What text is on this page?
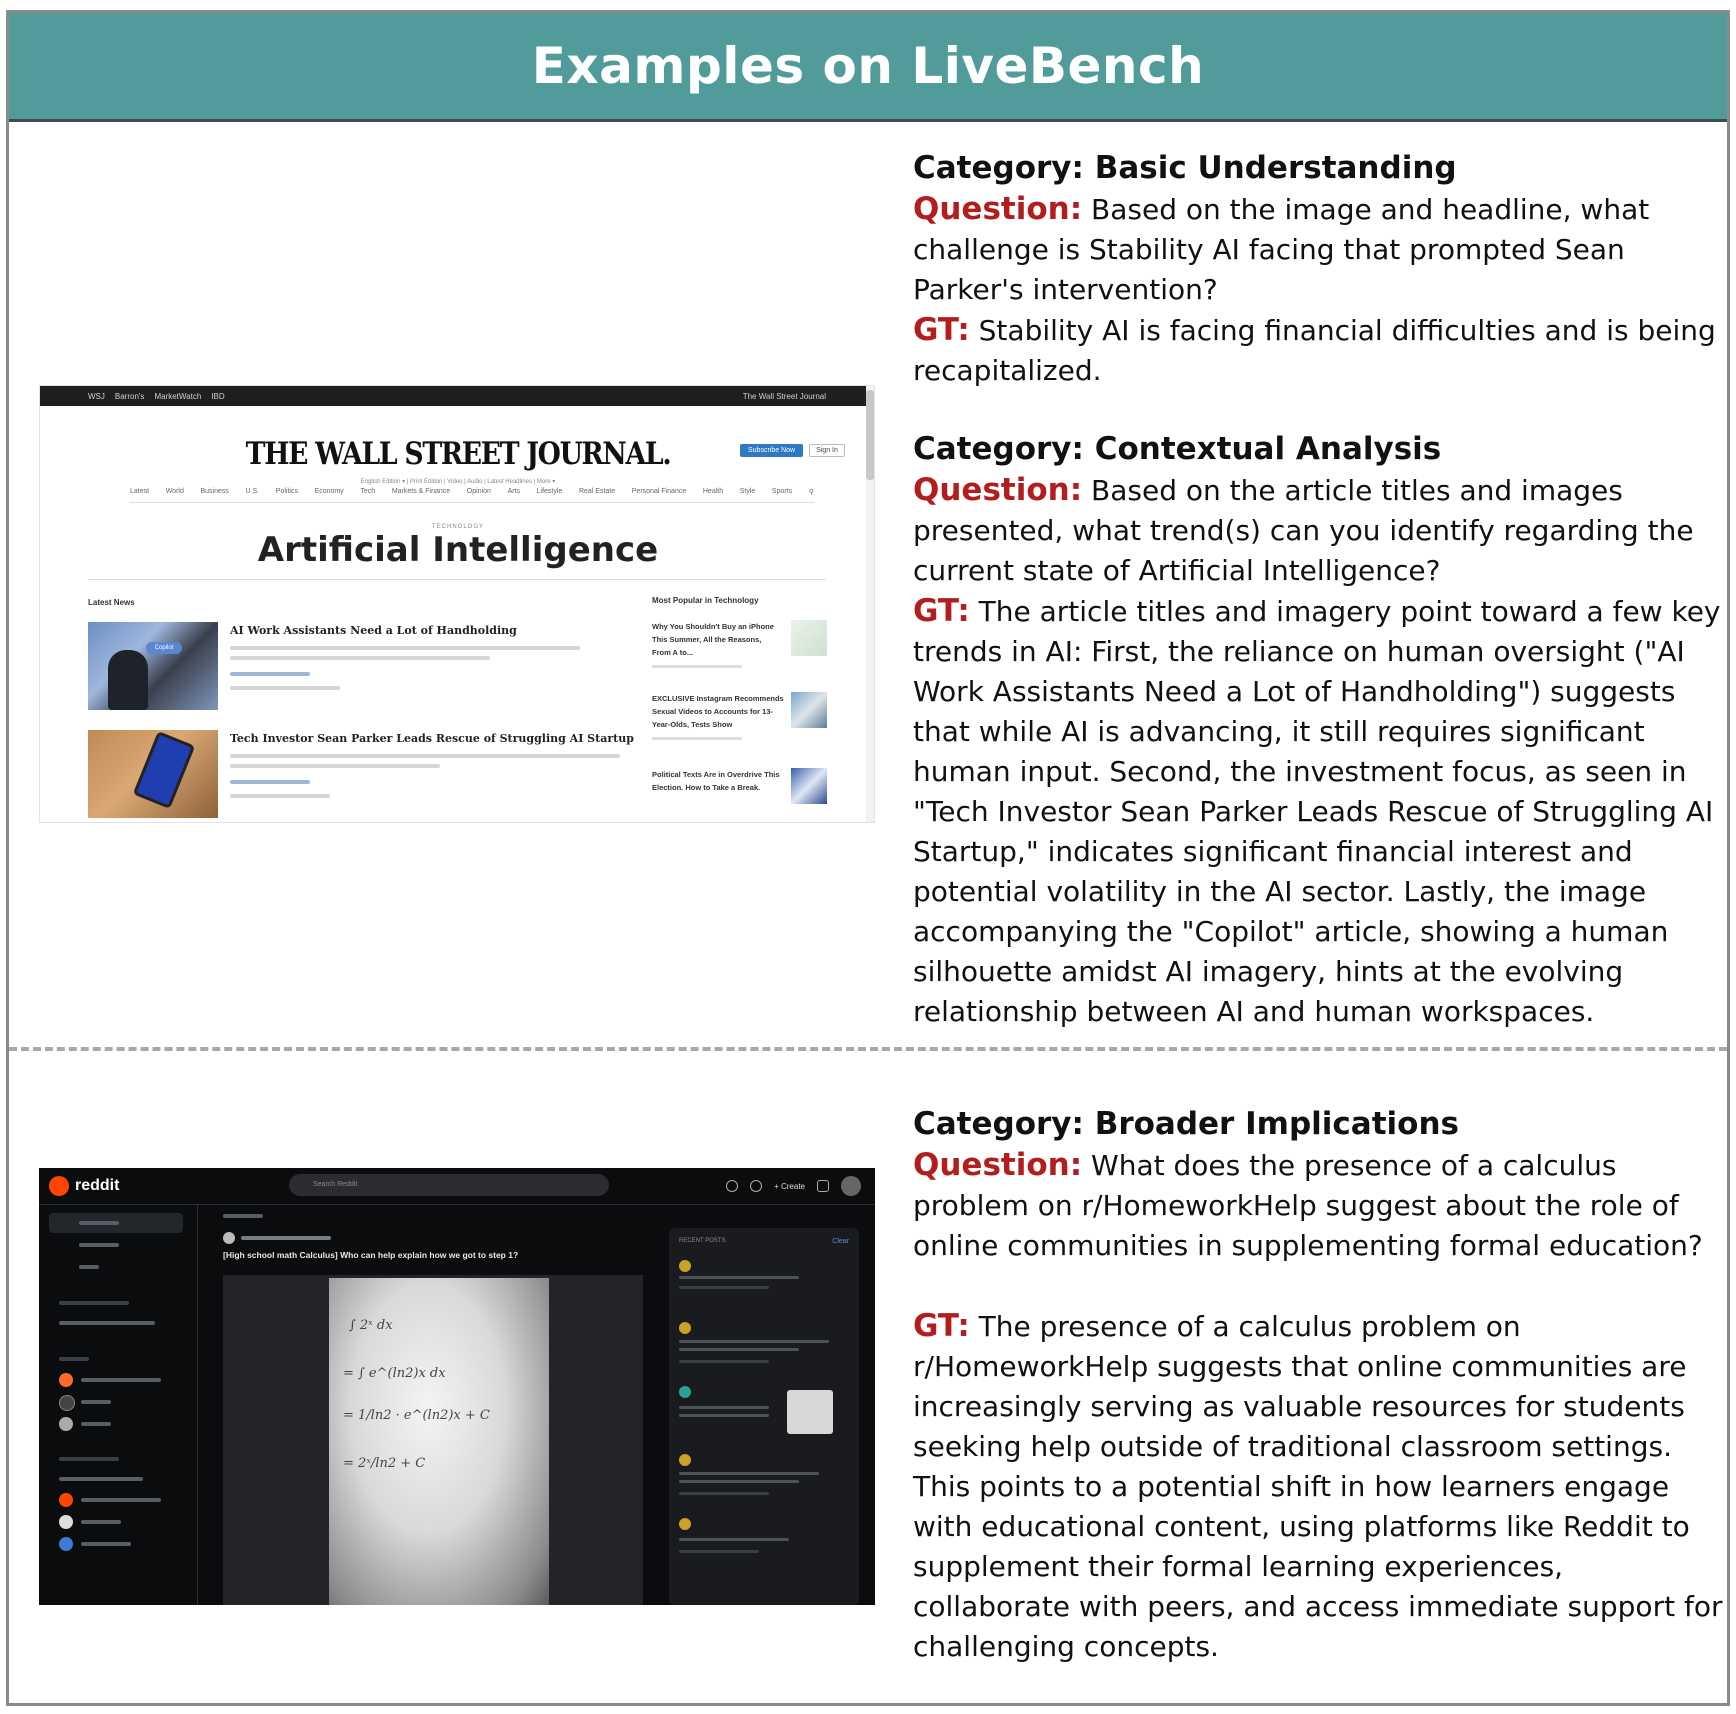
Examples on LiveBench
WSJ Barron's MarketWatch IBD	The Wall Street Journal
THE WALL STREET JOURNAL.	Subscribe Now	Sign In
English Edition ▾ | Print Edition | Video | Audio | Latest Headlines | More ▾
Latest World Business U.S. Politics Economy Tech Markets & Finance Opinion Arts Lifestyle Real Estate Personal Finance Health Style Sports ⚲
TECHNOLOGY
Artificial Intelligence
Latest News	Most Popular in Technology
Copilot
AI Work Assistants Need a Lot of Handholding
Tech Investor Sean Parker Leads Rescue of Struggling AI Startup
Why You Shouldn't Buy an iPhone This Summer, All the Reasons, From A to...
EXCLUSIVE Instagram Recommends Sexual Videos to Accounts for 13-Year-Olds, Tests Show
Political Texts Are in Overdrive This Election. How to Take a Break.

Category: Basic Understanding

Question: Based on the image and headline, what challenge is Stability AI facing that prompted Sean Parker's intervention?

GT: Stability AI is facing financial difficulties and is being recapitalized.

Category: Contextual Analysis

Question: Based on the article titles and images presented, what trend(s) can you identify regarding the current state of Artificial Intelligence?

GT: The article titles and imagery point toward a few key trends in AI: First, the reliance on human oversight ("AI Work Assistants Need a Lot of Handholding") suggests that while AI is advancing, it still requires significant human input. Second, the investment focus, as seen in "Tech Investor Sean Parker Leads Rescue of Struggling AI Startup," indicates significant financial interest and potential volatility in the AI sector. Lastly, the image accompanying the "Copilot" article, showing a human silhouette amidst AI imagery, hints at the evolving relationship between AI and human workspaces.

reddit	Search Reddit	+ Create
[High school math Calculus] Who can help explain how we got to step 1?
∫ 2ˣ dx
= ∫ e^(ln2)x dx
= 1/ln2 · e^(ln2)x + C
= 2ˣ/ln2 + C
RECENT POSTS	Clear

Category: Broader Implications

Question: What does the presence of a calculus problem on r/HomeworkHelp suggest about the role of online communities in supplementing formal education?

GT: The presence of a calculus problem on r/HomeworkHelp suggests that online communities are increasingly serving as valuable resources for students seeking help outside of traditional classroom settings. This points to a potential shift in how learners engage with educational content, using platforms like Reddit to supplement their formal learning experiences, collaborate with peers, and access immediate support for challenging concepts.
